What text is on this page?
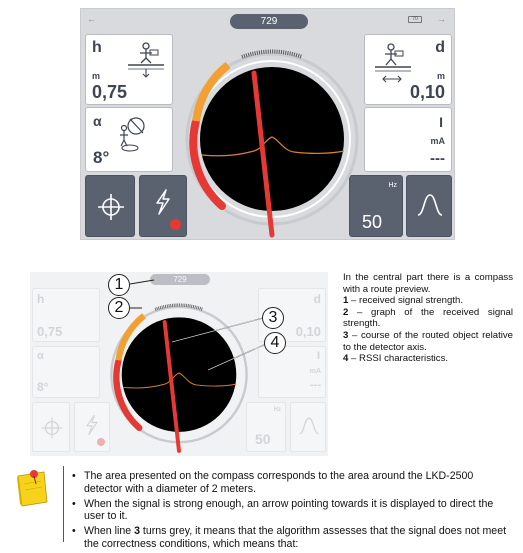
←	729	70	→
h
m
0,75
α
8°
d
m
0,10
I
mA
---
Hz
50
h
0,75
α
8°
d
0,10
I
mA
---
Hz
50
729
1
2
3
4

In the central part there is a compass with a route preview.

1 – received signal strength.

2 – graph of the received signal strength.

3 – course of the routed object relative to the detector axis.

4 – RSSI characteristics.

• The area presented on the compass corresponds to the area around the LKD-2500 detector with a diameter of 2 meters.
• When the signal is strong enough, an arrow pointing towards it is displayed to direct the user to it.
• When line 3 turns grey, it means that the algorithm assesses that the signal does not meet the correctness conditions, which means that:
